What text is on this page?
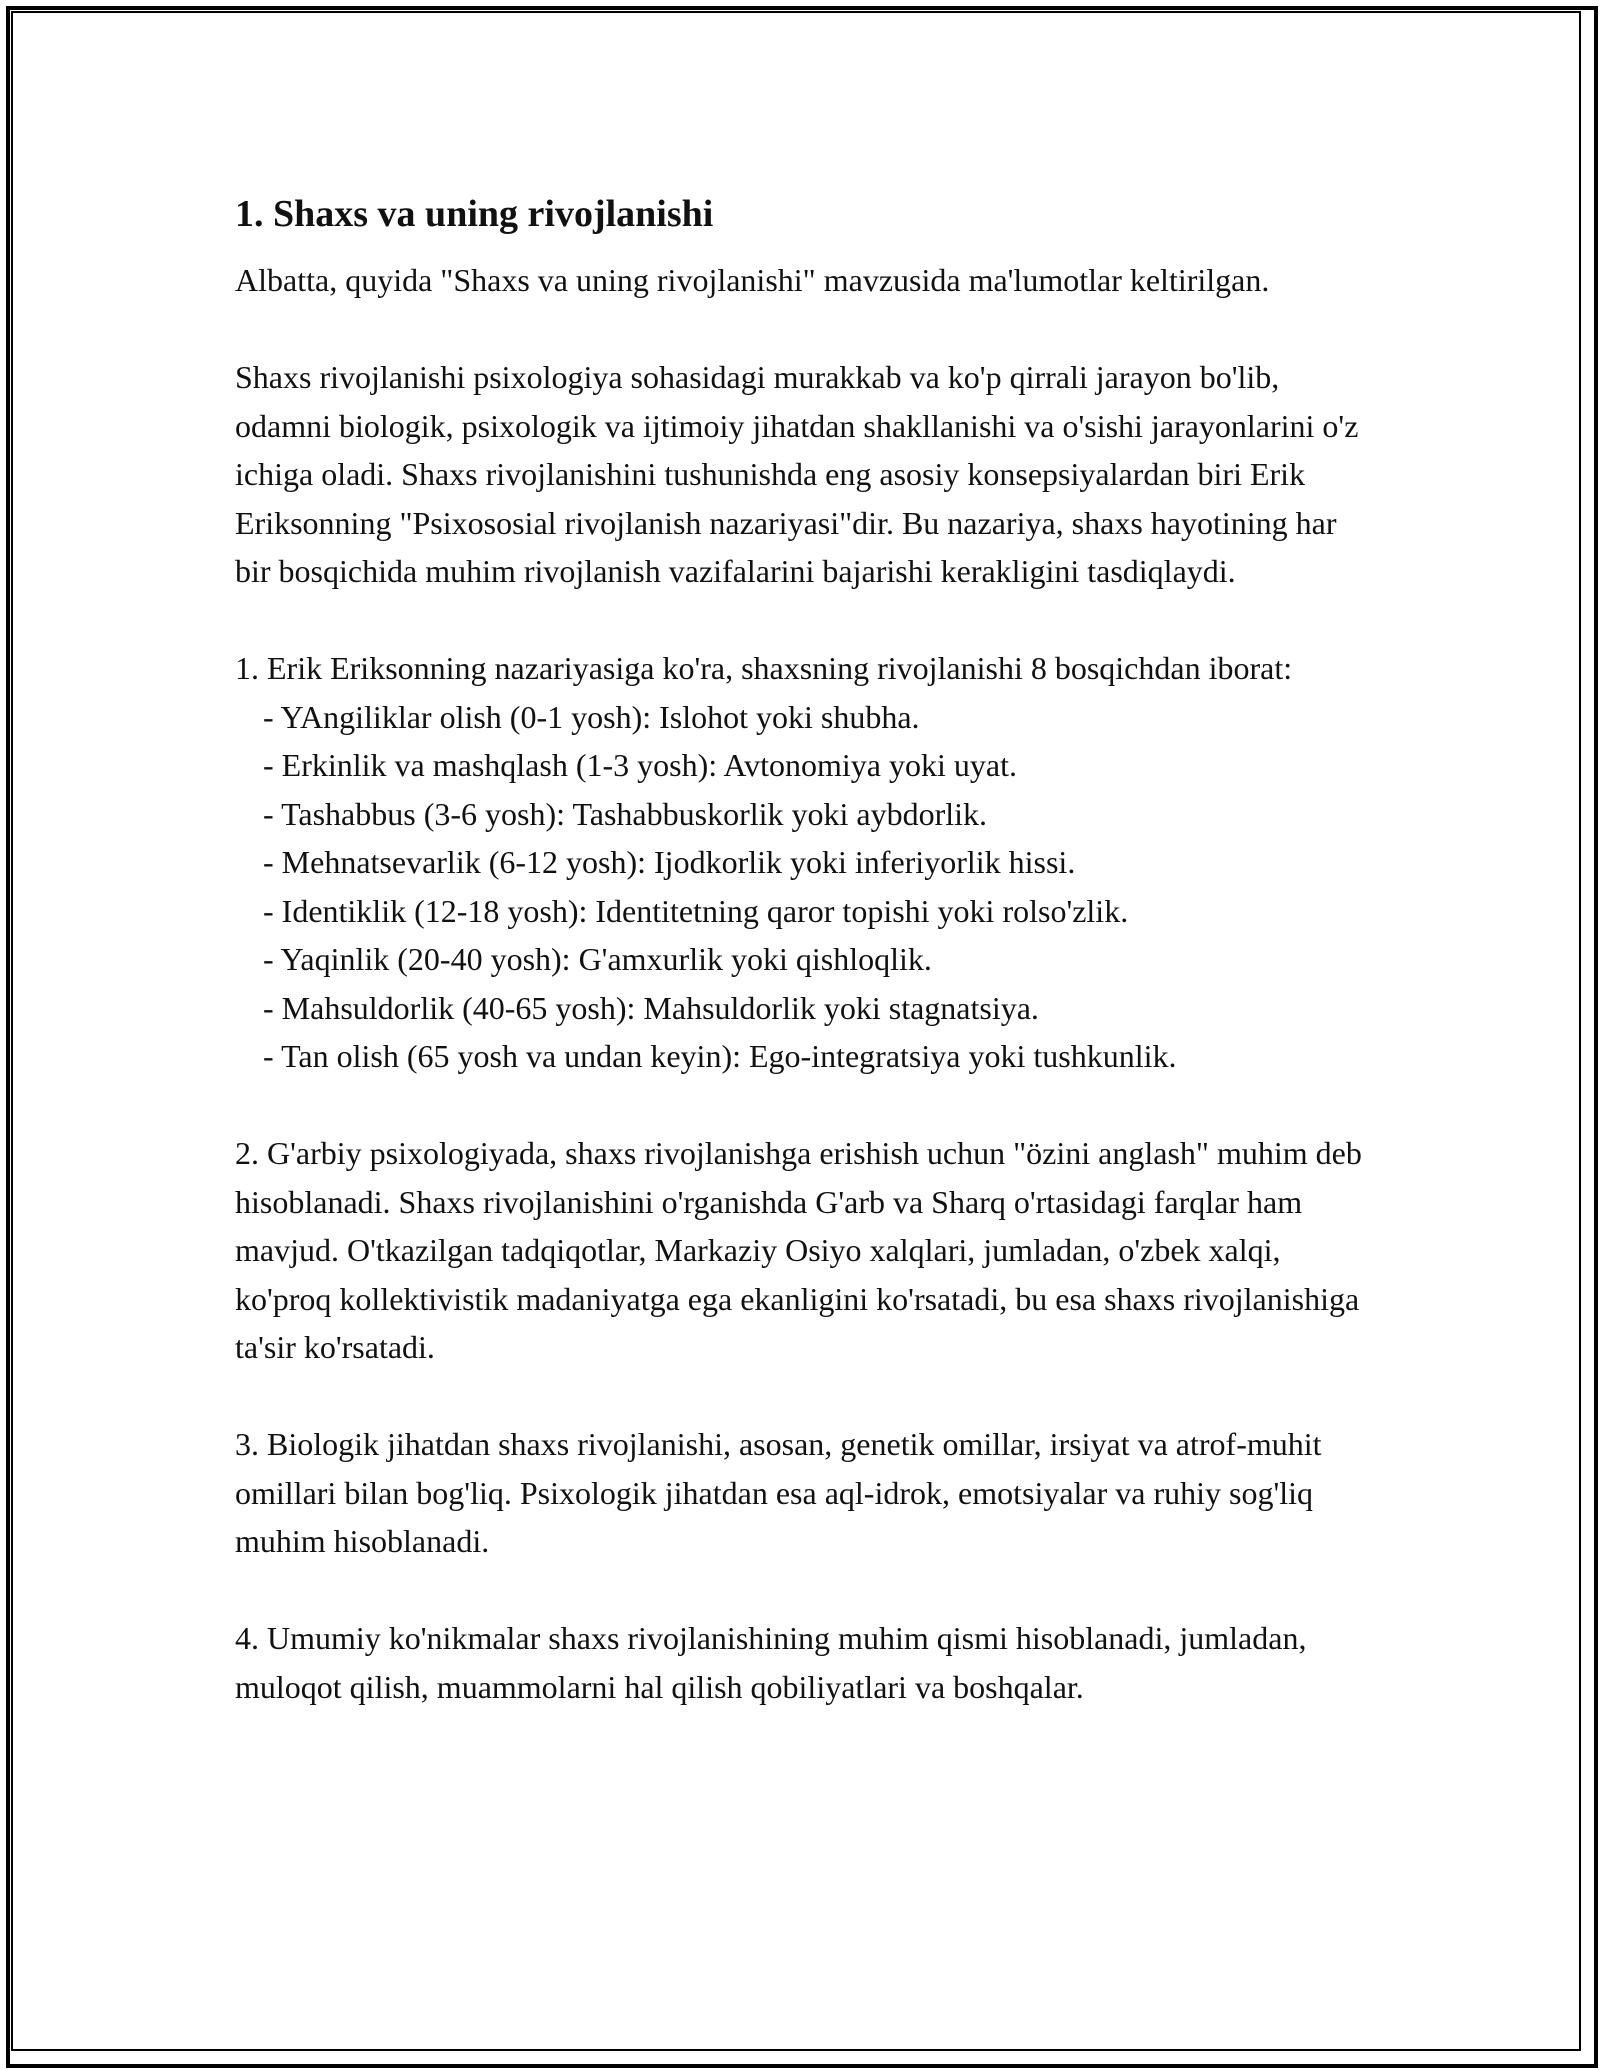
1. Shaxs va uning rivojlanishi

Albatta, quyida "Shaxs va uning rivojlanishi" mavzusida ma'lumotlar keltirilgan.

Shaxs rivojlanishi psixologiya sohasidagi murakkab va ko'p qirrali jarayon bo'lib, odamni biologik, psixologik va ijtimoiy jihatdan shakllanishi va o'sishi jarayonlarini o'z ichiga oladi. Shaxs rivojlanishini tushunishda eng asosiy konsepsiyalardan biri Erik Eriksonning "Psixososial rivojlanish nazariyasi"dir. Bu nazariya, shaxs hayotining har bir bosqichida muhim rivojlanish vazifalarini bajarishi kerakligini tasdiqlaydi.

1. Erik Eriksonning nazariyasiga ko'ra, shaxsning rivojlanishi 8 bosqichdan iborat:
- YAngiliklar olish (0-1 yosh): Islohot yoki shubha.
- Erkinlik va mashqlash (1-3 yosh): Avtonomiya yoki uyat.
- Tashabbus (3-6 yosh): Tashabbuskorlik yoki aybdorlik.
- Mehnatsevarlik (6-12 yosh): Ijodkorlik yoki inferiyorlik hissi.
- Identiklik (12-18 yosh): Identitetning qaror topishi yoki rolso'zlik.
- Yaqinlik (20-40 yosh): G'amxurlik yoki qishloqlik.
- Mahsuldorlik (40-65 yosh): Mahsuldorlik yoki stagnatsiya.
- Tan olish (65 yosh va undan keyin): Ego-integratsiya yoki tushkunlik.

2. G'arbiy psixologiyada, shaxs rivojlanishga erishish uchun "özini anglash" muhim deb hisoblanadi. Shaxs rivojlanishini o'rganishda G'arb va Sharq o'rtasidagi farqlar ham mavjud. O'tkazilgan tadqiqotlar, Markaziy Osiyo xalqlari, jumladan, o'zbek xalqi, ko'proq kollektivistik madaniyatga ega ekanligini ko'rsatadi, bu esa shaxs rivojlanishiga ta'sir ko'rsatadi.

3. Biologik jihatdan shaxs rivojlanishi, asosan, genetik omillar, irsiyat va atrof-muhit omillari bilan bog'liq. Psixologik jihatdan esa aql-idrok, emotsiyalar va ruhiy sog'liq muhim hisoblanadi.

4. Umumiy ko'nikmalar shaxs rivojlanishining muhim qismi hisoblanadi, jumladan, muloqot qilish, muammolarni hal qilish qobiliyatlari va boshqalar.
